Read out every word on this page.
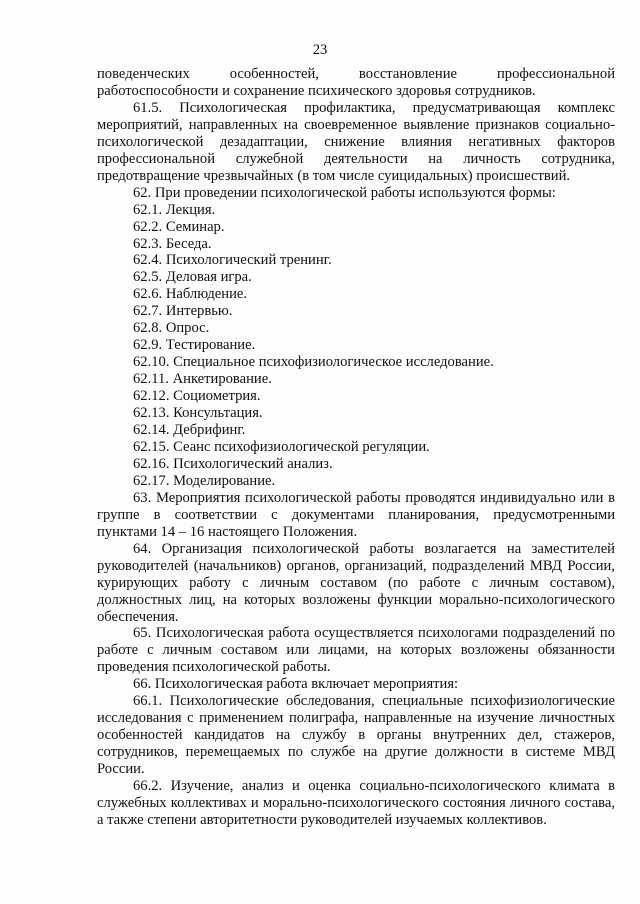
23

поведенческих особенностей, восстановление профессиональной работоспособности и сохранение психического здоровья сотрудников.

61.5. Психологическая профилактика, предусматривающая комплекс мероприятий, направленных на своевременное выявление признаков социально-психологической дезадаптации, снижение влияния негативных факторов профессиональной служебной деятельности на личность сотрудника, предотвращение чрезвычайных (в том числе суицидальных) происшествий.

62. При проведении психологической работы используются формы:

62.1. Лекция.

62.2. Семинар.

62.3. Беседа.

62.4. Психологический тренинг.

62.5. Деловая игра.

62.6. Наблюдение.

62.7. Интервью.

62.8. Опрос.

62.9. Тестирование.

62.10. Специальное психофизиологическое исследование.

62.11. Анкетирование.

62.12. Социометрия.

62.13. Консультация.

62.14. Дебрифинг.

62.15. Сеанс психофизиологической регуляции.

62.16. Психологический анализ.

62.17. Моделирование.

63. Мероприятия психологической работы проводятся индивидуально или в группе в соответствии с документами планирования, предусмотренными пунктами 14 – 16 настоящего Положения.

64. Организация психологической работы возлагается на заместителей руководителей (начальников) органов, организаций, подразделений МВД России, курирующих работу с личным составом (по работе с личным составом), должностных лиц, на которых возложены функции морально-психологического обеспечения.

65. Психологическая работа осуществляется психологами подразделений по работе с личным составом или лицами, на которых возложены обязанности проведения психологической работы.

66. Психологическая работа включает мероприятия:

66.1. Психологические обследования, специальные психофизиологические исследования с применением полиграфа, направленные на изучение личностных особенностей кандидатов на службу в органы внутренних дел, стажеров, сотрудников, перемещаемых по службе на другие должности в системе МВД России.

66.2. Изучение, анализ и оценка социально-психологического климата в служебных коллективах и морально-психологического состояния личного состава, а также степени авторитетности руководителей изучаемых коллективов.
